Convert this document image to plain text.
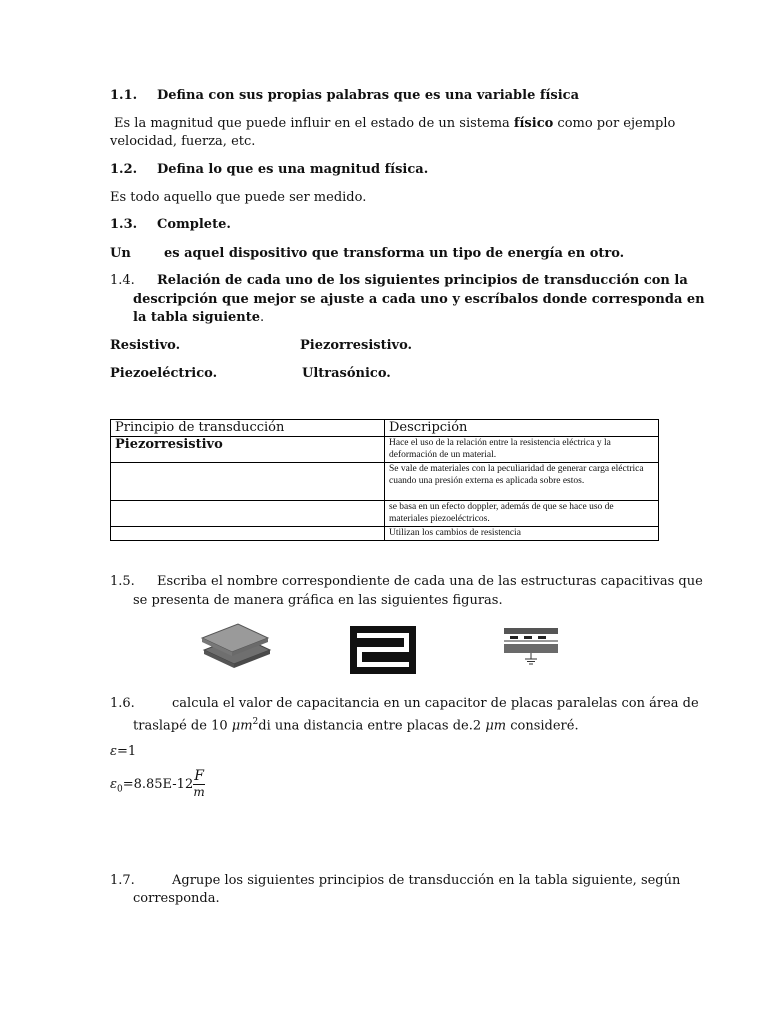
1.1. Defina con sus propias palabras que es una variable física
Es la magnitud que puede influir en el estado de un sistema físico como por ejemplo
velocidad, fuerza, etc.
1.2. Defina lo que es una magnitud física.
Es todo aquello que puede ser medido.
1.3. Complete.
Un	es aquel dispositivo que transforma un tipo de energía en otro.
1.4. Relación de cada uno de los siguientes principios de transducción con la
descripción que mejor se ajuste a cada uno y escríbalos donde corresponda en
la tabla siguiente.
Resistivo.	Piezorresistivo.
Piezoeléctrico.	Ultrasónico.
Principio de transducción	Descripción
Piezorresistivo	Hace el uso de la relación entre la resistencia eléctrica y la deformación de un material.
	Se vale de materiales con la peculiaridad de generar carga eléctrica cuando una presión externa es aplicada sobre estos.
	se basa en un efecto doppler, además de que se hace uso de materiales piezoeléctricos.
	Utilizan los cambios de resistencia
1.5. Escriba el nombre correspondiente de cada una de las estructuras capacitivas que
se presenta de manera gráfica en las siguientes figuras.
1.6.	calcula el valor de capacitancia en un capacitor de placas paralelas con área de
traslapé de 10 $\mu m^2di$ una distancia entre placas de.2 μm consideré.
ε=1
$\varepsilon_0=8.85E-12 \frac{F}{m}$
1.7.	Agrupe los siguientes principios de transducción en la tabla siguiente, según
corresponda.
